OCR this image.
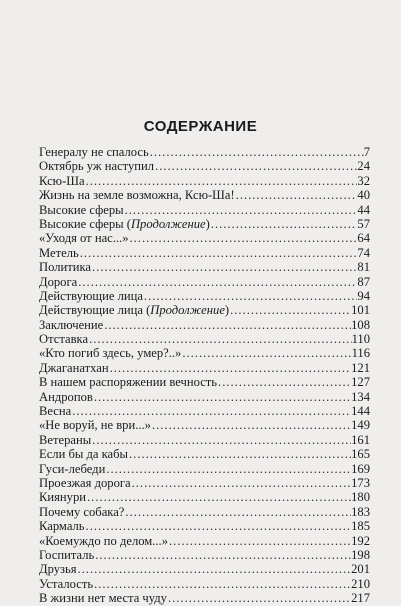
СОДЕРЖАНИЕ
Генералу не спалось .....	7
Октябрь уж наступил .....	24
Ксю-Ша .....	32
Жизнь на земле возможна, Ксю-Ша! .....	40
Высокие сферы .....	44
Высокие сферы ( Продолжение ) .....	57
«Уходя от нас...» .....	64
Метель .....	74
Политика .....	81
Дорога .....	87
Действующие лица .....	94
Действующие лица ( Продолжение ) .....	101
Заключение .....	108
Отставка .....	110
«Кто погиб здесь, умер?..» .....	116
Джаганатхан .....	121
В нашем распоряжении вечность .....	127
Андропов .....	134
Весна .....	144
«Не воруй, не ври...» .....	149
Ветераны .....	161
Если бы да кабы .....	165
Гуси-лебеди .....	169
Проезжая дорога .....	173
Киянури .....	180
Почему собака? .....	183
Кармаль .....	185
«Коемуждо по делом...» .....	192
Госпиталь .....	198
Друзья .....	201
Усталость .....	210
В жизни нет места чуду .....	217
